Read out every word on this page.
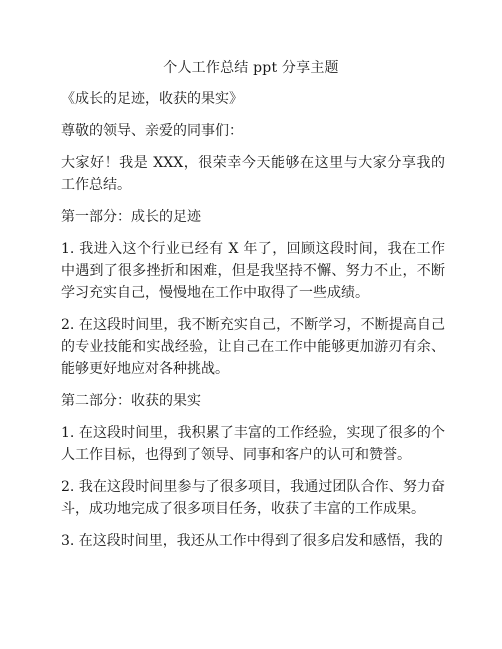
个人工作总结 ppt 分享主题

《成长的足迹，收获的果实》

尊敬的领导、亲爱的同事们：

大家好！我是 XXX，很荣幸今天能够在这里与大家分享我的工作总结。

第一部分：成长的足迹

1. 我进入这个行业已经有 X 年了，回顾这段时间，我在工作中遇到了很多挫折和困难，但是我坚持不懈、努力不止，不断学习充实自己，慢慢地在工作中取得了一些成绩。

2. 在这段时间里，我不断充实自己，不断学习，不断提高自己的专业技能和实战经验，让自己在工作中能够更加游刃有余、能够更好地应对各种挑战。

第二部分：收获的果实

1. 在这段时间里，我积累了丰富的工作经验，实现了很多的个人工作目标，也得到了领导、同事和客户的认可和赞誉。

2. 我在这段时间里参与了很多项目，我通过团队合作、努力奋斗，成功地完成了很多项目任务，收获了丰富的工作成果。

3. 在这段时间里，我还从工作中得到了很多启发和感悟，我的
